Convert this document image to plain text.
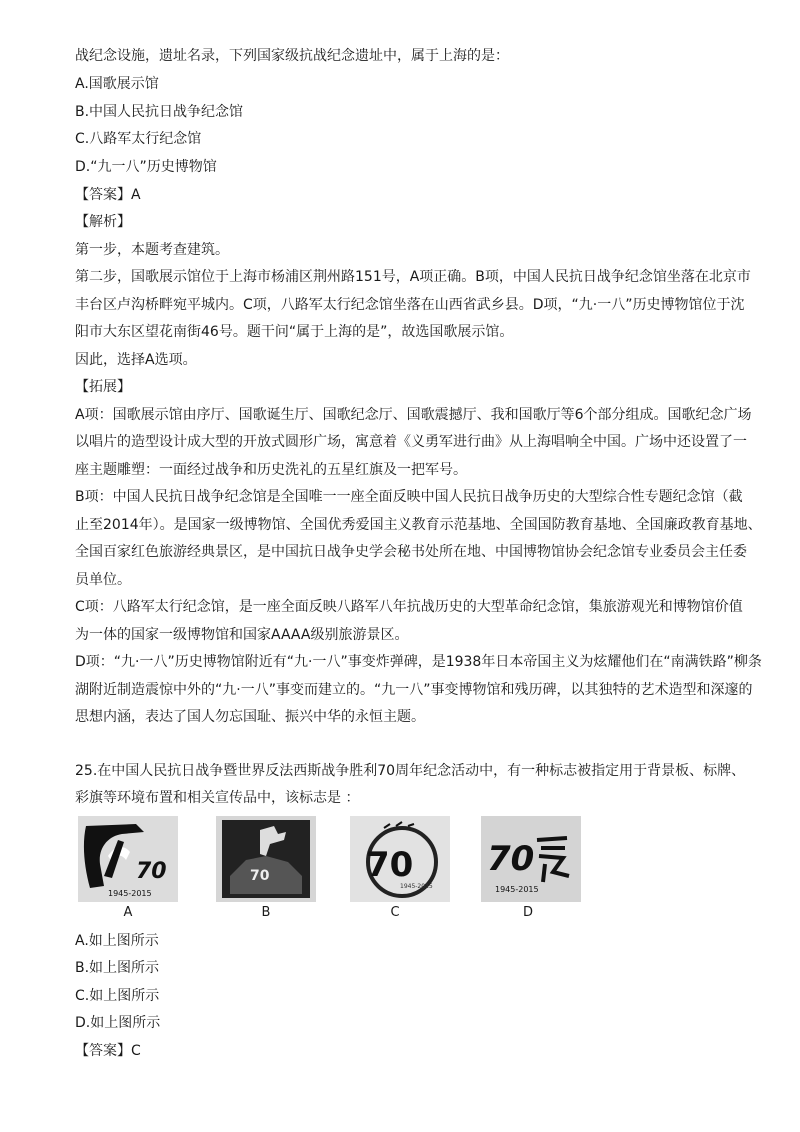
战纪念设施，遗址名录，下列国家级抗战纪念遗址中，属于上海的是：
A.国歌展示馆
B.中国人民抗日战争纪念馆
C.八路军太行纪念馆
D.“九一八”历史博物馆
【答案】A
【解析】
第一步，本题考查建筑。
第二步，国歌展示馆位于上海市杨浦区荆州路151号，A项正确。B项，中国人民抗日战争纪念馆坐落在北京市
丰台区卢沟桥畔宛平城内。C项，八路军太行纪念馆坐落在山西省武乡县。D项，“九·一八”历史博物馆位于沈
阳市大东区望花南街46号。题干问“属于上海的是”，故选国歌展示馆。
因此，选择A选项。
【拓展】
A项：国歌展示馆由序厅、国歌诞生厅、国歌纪念厅、国歌震撼厅、我和国歌厅等6个部分组成。国歌纪念广场
以唱片的造型设计成大型的开放式圆形广场，寓意着《义勇军进行曲》从上海唱响全中国。广场中还设置了一
座主题雕塑：一面经过战争和历史洗礼的五星红旗及一把军号。
B项：中国人民抗日战争纪念馆是全国唯一一座全面反映中国人民抗日战争历史的大型综合性专题纪念馆（截
止至2014年）。是国家一级博物馆、全国优秀爱国主义教育示范基地、全国国防教育基地、全国廉政教育基地、
全国百家红色旅游经典景区，是中国抗日战争史学会秘书处所在地、中国博物馆协会纪念馆专业委员会主任委
员单位。
C项：八路军太行纪念馆，是一座全面反映八路军八年抗战历史的大型革命纪念馆，集旅游观光和博物馆价值
为一体的国家一级博物馆和国家AAAA级别旅游景区。
D项：“九·一八”历史博物馆附近有“九·一八”事变炸弹碑，是1938年日本帝国主义为炫耀他们在“南满铁路”柳条
湖附近制造震惊中外的“九·一八”事变而建立的。“九一八”事变博物馆和残历碑，以其独特的艺术造型和深邃的
思想内涵，表达了国人勿忘国耻、振兴中华的永恒主题。
25.在中国人民抗日战争暨世界反法西斯战争胜利70周年纪念活动中，有一种标志被指定用于背景板、标牌、
彩旗等环境布置和相关宣传品中，该标志是 ：
70
1945-2015
A
70
B
70
1945-2015
C
70
1945-2015
D
A.如上图所示
B.如上图所示
C.如上图所示
D.如上图所示
【答案】C
